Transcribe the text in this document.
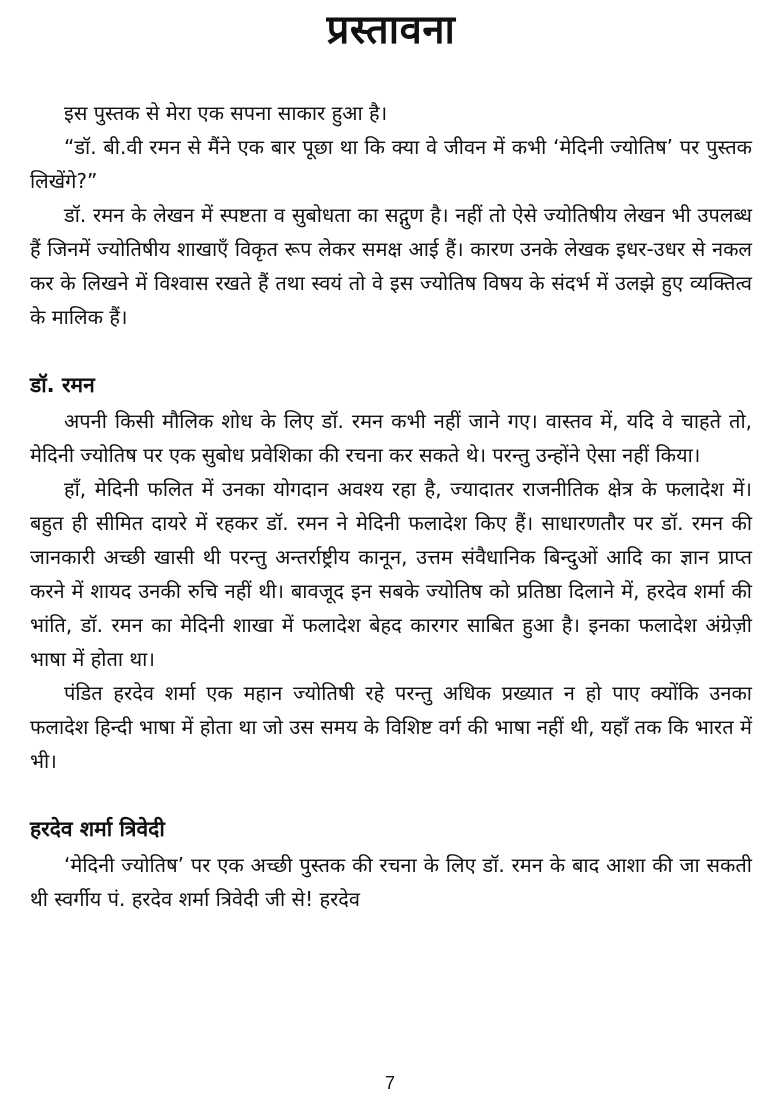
प्रस्तावना

इस पुस्तक से मेरा एक सपना साकार हुआ है।

“डॉ. बी.वी रमन से मैंने एक बार पूछा था कि क्या वे जीवन में कभी ‘मेदिनी ज्योतिष’ पर पुस्तक लिखेंगे?”

डॉ. रमन के लेखन में स्पष्टता व सुबोधता का सद्गुण है। नहीं तो ऐसे ज्योतिषीय लेखन भी उपलब्ध हैं जिनमें ज्योतिषीय शाखाएँ विकृत रूप लेकर समक्ष आई हैं। कारण उनके लेखक इधर-उधर से नकल कर के लिखने में विश्वास रखते हैं तथा स्वयं तो वे इस ज्योतिष विषय के संदर्भ में उलझे हुए व्यक्तित्व के मालिक हैं।

डॉ. रमन

अपनी किसी मौलिक शोध के लिए डॉ. रमन कभी नहीं जाने गए। वास्तव में, यदि वे चाहते तो, मेदिनी ज्योतिष पर एक सुबोध प्रवेशिका की रचना कर सकते थे। परन्तु उन्होंने ऐसा नहीं किया।

हाँ, मेदिनी फलित में उनका योगदान अवश्य रहा है, ज्यादातर राजनीतिक क्षेत्र के फलादेश में। बहुत ही सीमित दायरे में रहकर डॉ. रमन ने मेदिनी फलादेश किए हैं। साधारणतौर पर डॉ. रमन की जानकारी अच्छी खासी थी परन्तु अन्तर्राष्ट्रीय कानून, उत्तम संवैधानिक बिन्दुओं आदि का ज्ञान प्राप्त करने में शायद उनकी रुचि नहीं थी। बावजूद इन सबके ज्योतिष को प्रतिष्ठा दिलाने में, हरदेव शर्मा की भांति, डॉ. रमन का मेदिनी शाखा में फलादेश बेहद कारगर साबित हुआ है। इनका फलादेश अंग्रेज़ी भाषा में होता था।

पंडित हरदेव शर्मा एक महान ज्योतिषी रहे परन्तु अधिक प्रख्यात न हो पाए क्योंकि उनका फलादेश हिन्दी भाषा में होता था जो उस समय के विशिष्ट वर्ग की भाषा नहीं थी, यहाँ तक कि भारत में भी।

हरदेव शर्मा त्रिवेदी

‘मेदिनी ज्योतिष’ पर एक अच्छी पुस्तक की रचना के लिए डॉ. रमन के बाद आशा की जा सकती थी स्वर्गीय पं. हरदेव शर्मा त्रिवेदी जी से! हरदेव

7
